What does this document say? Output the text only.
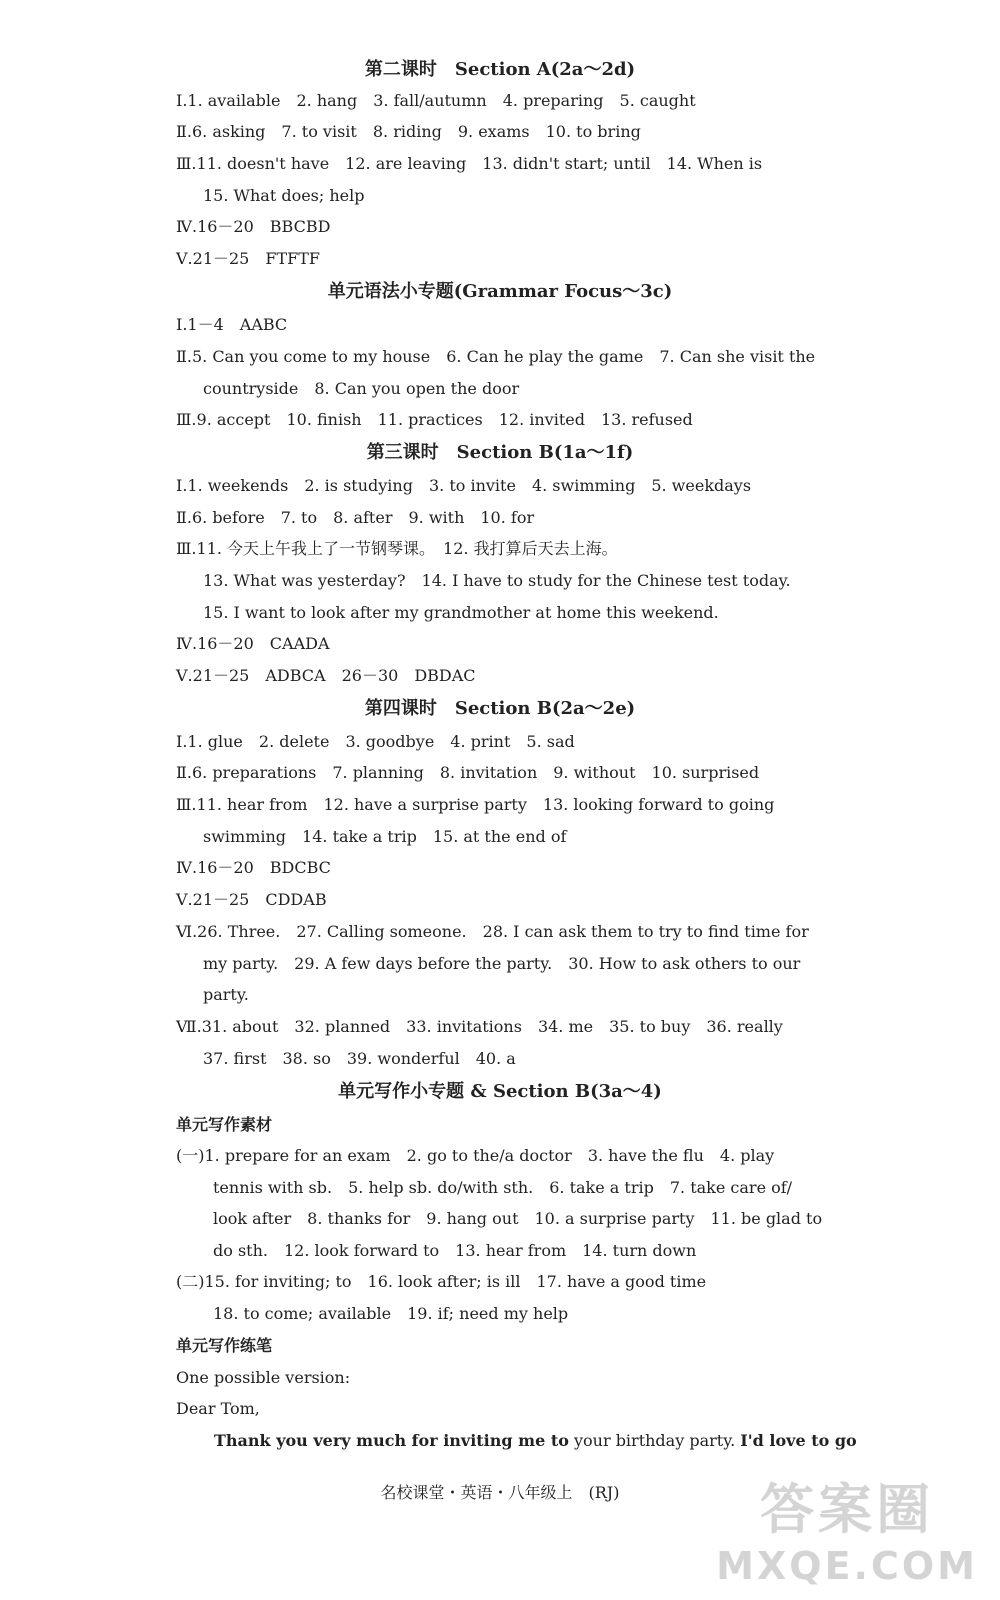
第二课时　Section A(2a～2d)
Ⅰ.1. available　2. hang　3. fall/autumn　4. preparing　5. caught
Ⅱ.6. asking　7. to visit　8. riding　9. exams　10. to bring
Ⅲ.11. doesn't have　12. are leaving　13. didn't start; until　14. When is
15. What does; help
Ⅳ.16－20　BBCBD
Ⅴ.21－25　FTFTF
单元语法小专题(Grammar Focus～3c)
Ⅰ.1－4　AABC
Ⅱ.5. Can you come to my house　6. Can he play the game　7. Can she visit the
countryside　8. Can you open the door
Ⅲ.9. accept　10. finish　11. practices　12. invited　13. refused
第三课时　Section B(1a～1f)
Ⅰ.1. weekends　2. is studying　3. to invite　4. swimming　5. weekdays
Ⅱ.6. before　7. to　8. after　9. with　10. for
Ⅲ.11. 今天上午我上了一节钢琴课。　12. 我打算后天去上海。
13. What was yesterday?　14. I have to study for the Chinese test today.
15. I want to look after my grandmother at home this weekend.
Ⅳ.16－20　CAADA
Ⅴ.21－25　ADBCA　26－30　DBDAC
第四课时　Section B(2a～2e)
Ⅰ.1. glue　2. delete　3. goodbye　4. print　5. sad
Ⅱ.6. preparations　7. planning　8. invitation　9. without　10. surprised
Ⅲ.11. hear from　12. have a surprise party　13. looking forward to going
swimming　14. take a trip　15. at the end of
Ⅳ.16－20　BDCBC
Ⅴ.21－25　CDDAB
Ⅵ.26. Three.　27. Calling someone.　28. I can ask them to try to find time for
my party.　29. A few days before the party.　30. How to ask others to our
party.
Ⅶ.31. about　32. planned　33. invitations　34. me　35. to buy　36. really
37. first　38. so　39. wonderful　40. a
单元写作小专题 & Section B(3a～4)
单元写作素材
(一)1. prepare for an exam　2. go to the/a doctor　3. have the flu　4. play
tennis with sb.　5. help sb. do/with sth.　6. take a trip　7. take care of/
look after　8. thanks for　9. hang out　10. a surprise party　11. be glad to
do sth.　12. look forward to　13. hear from　14. turn down
(二)15. for inviting; to　16. look after; is ill　17. have a good time
18. to come; available　19. if; need my help
单元写作练笔
One possible version:
Dear Tom,
Thank you very much for inviting me to your birthday party. I'd love to go
名校课堂・英语・八年级上　(RJ)	答案圈
MXQE.COM
